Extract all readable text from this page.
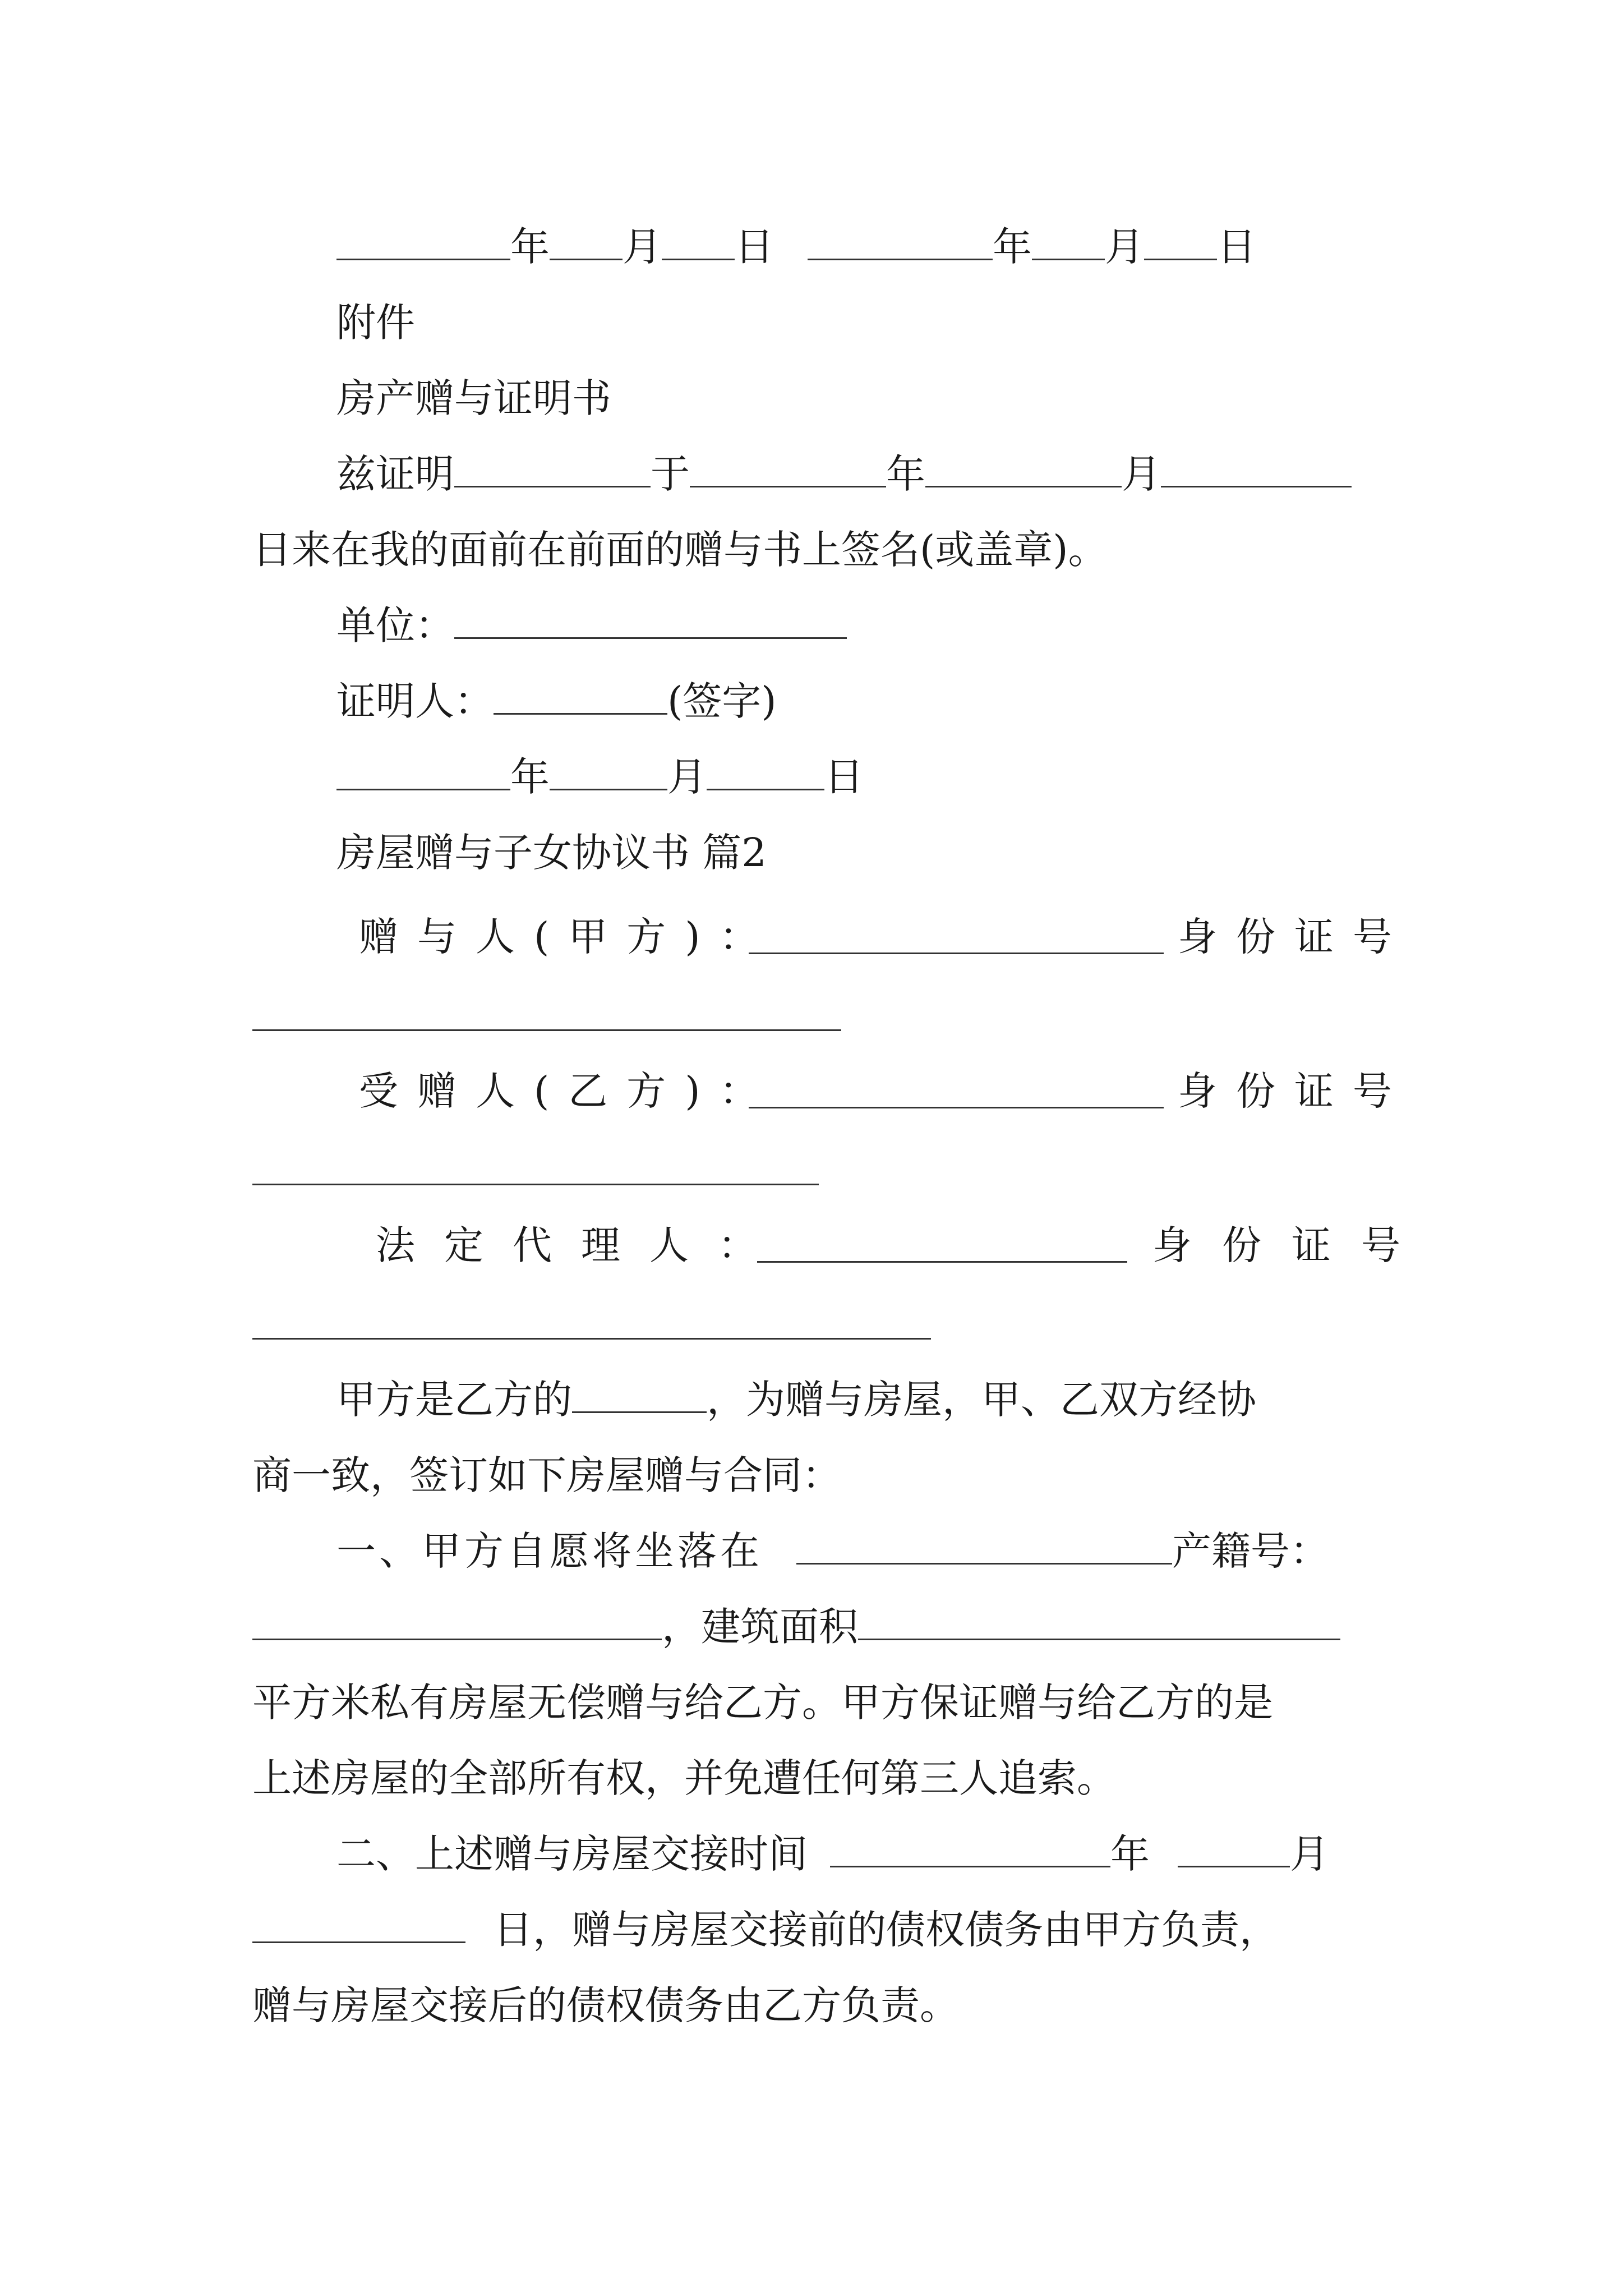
年 月 日	年 月 日
附件
房产赠与证明书
兹证明	于	年	月
日来在我的面前在前面的赠与书上签名(或盖章)。
单位：
证明人：	(签字)
年	月	日
房屋赠与子女协议书 篇2
赠与人(甲方)：	身份证号
受赠人(乙方)：	身份证号
法定代理人：	身份证号
甲方是乙方的	，为赠与房屋，甲、乙双方经协
商一致，签订如下房屋赠与合同：
一、甲方自愿将坐落在	产籍号：
，建筑面积
平方米私有房屋无偿赠与给乙方。甲方保证赠与给乙方的是
上述房屋的全部所有权，并免遭任何第三人追索。
二、上述赠与房屋交接时间	年	月
日，赠与房屋交接前的债权债务由甲方负责，
赠与房屋交接后的债权债务由乙方负责。
